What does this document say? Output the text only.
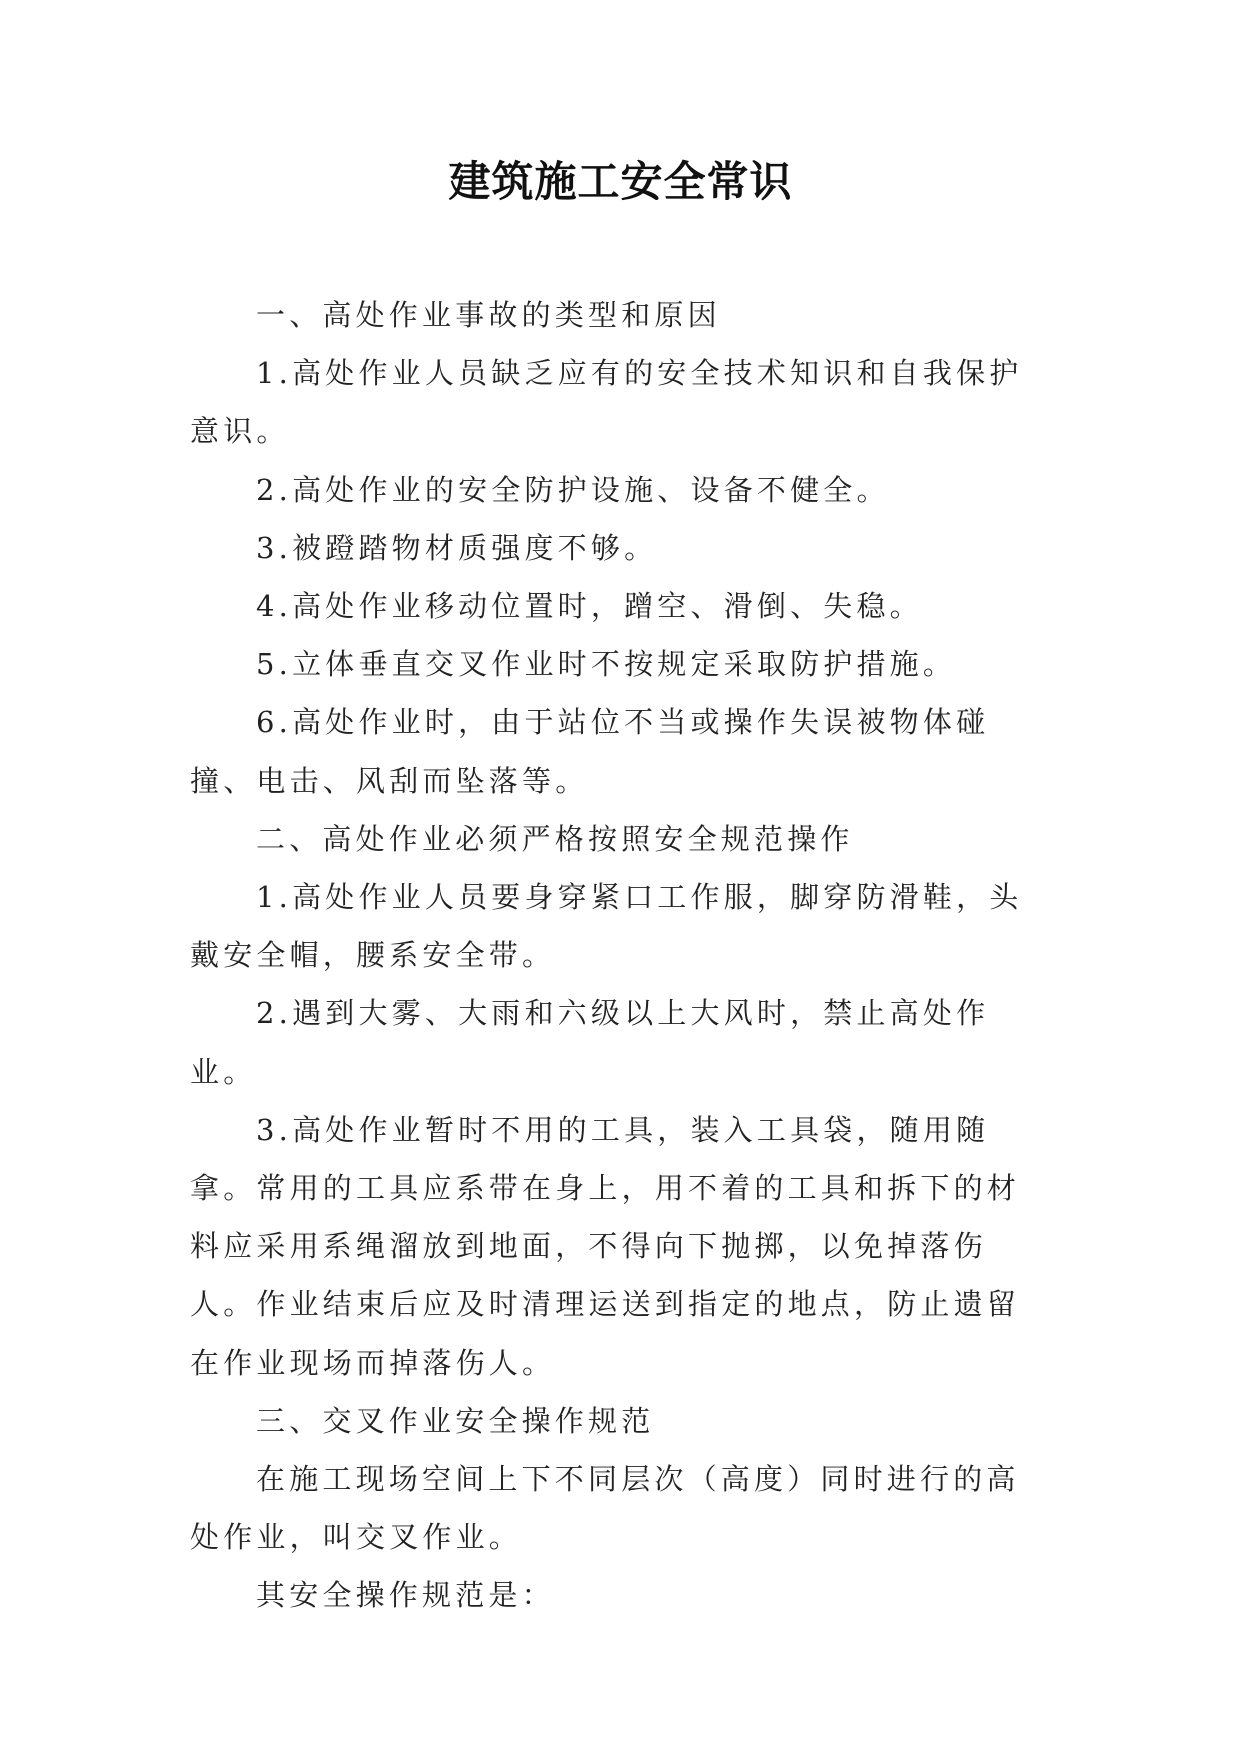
建筑施工安全常识

一、高处作业事故的类型和原因

1.高处作业人员缺乏应有的安全技术知识和自我保护意识。

2.高处作业的安全防护设施、设备不健全。

3.被蹬踏物材质强度不够。

4.高处作业移动位置时，蹭空、滑倒、失稳。

5.立体垂直交叉作业时不按规定采取防护措施。

6.高处作业时，由于站位不当或操作失误被物体碰撞、电击、风刮而坠落等。

二、高处作业必须严格按照安全规范操作

1.高处作业人员要身穿紧口工作服，脚穿防滑鞋，头戴安全帽，腰系安全带。

2.遇到大雾、大雨和六级以上大风时，禁止高处作业。

3.高处作业暂时不用的工具，装入工具袋，随用随拿。常用的工具应系带在身上，用不着的工具和拆下的材料应采用系绳溜放到地面，不得向下抛掷，以免掉落伤人。作业结束后应及时清理运送到指定的地点，防止遗留在作业现场而掉落伤人。

三、交叉作业安全操作规范

在施工现场空间上下不同层次（高度）同时进行的高处作业，叫交叉作业。

其安全操作规范是：
